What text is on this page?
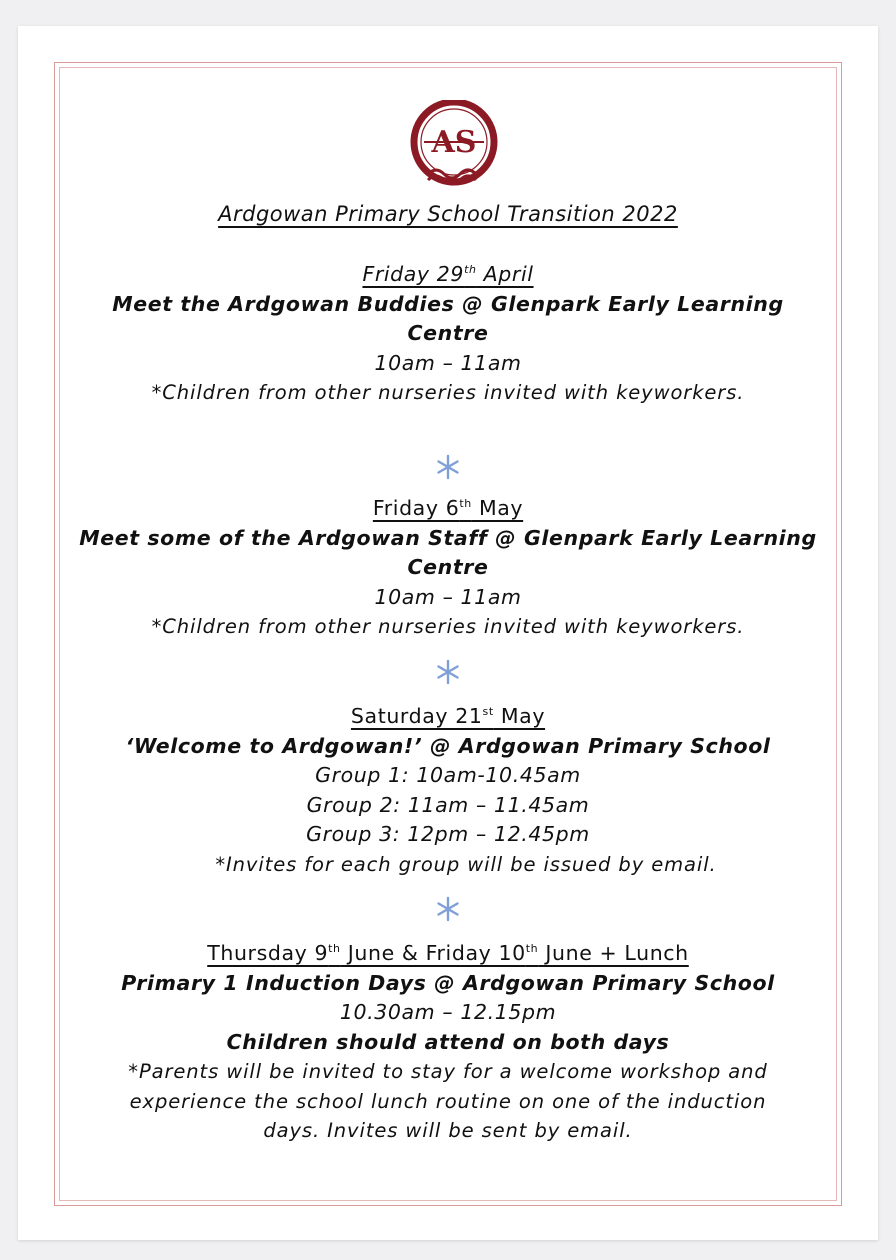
AS
Ardgowan Primary School Transition 2022
Friday 29th April
Meet the Ardgowan Buddies @ Glenpark Early Learning
Centre
10am – 11am
*Children from other nurseries invited with keyworkers.
Friday 6th May
Meet some of the Ardgowan Staff @ Glenpark Early Learning
Centre
10am – 11am
*Children from other nurseries invited with keyworkers.
Saturday 21st May
‘Welcome to Ardgowan!’ @ Ardgowan Primary School
Group 1: 10am-10.45am
Group 2: 11am – 11.45am
Group 3: 12pm – 12.45pm
*Invites for each group will be issued by email.
Thursday 9th June & Friday 10th June + Lunch
Primary 1 Induction Days @ Ardgowan Primary School
10.30am – 12.15pm
Children should attend on both days
*Parents will be invited to stay for a welcome workshop and experience the school lunch routine on one of the induction days. Invites will be sent by email.
